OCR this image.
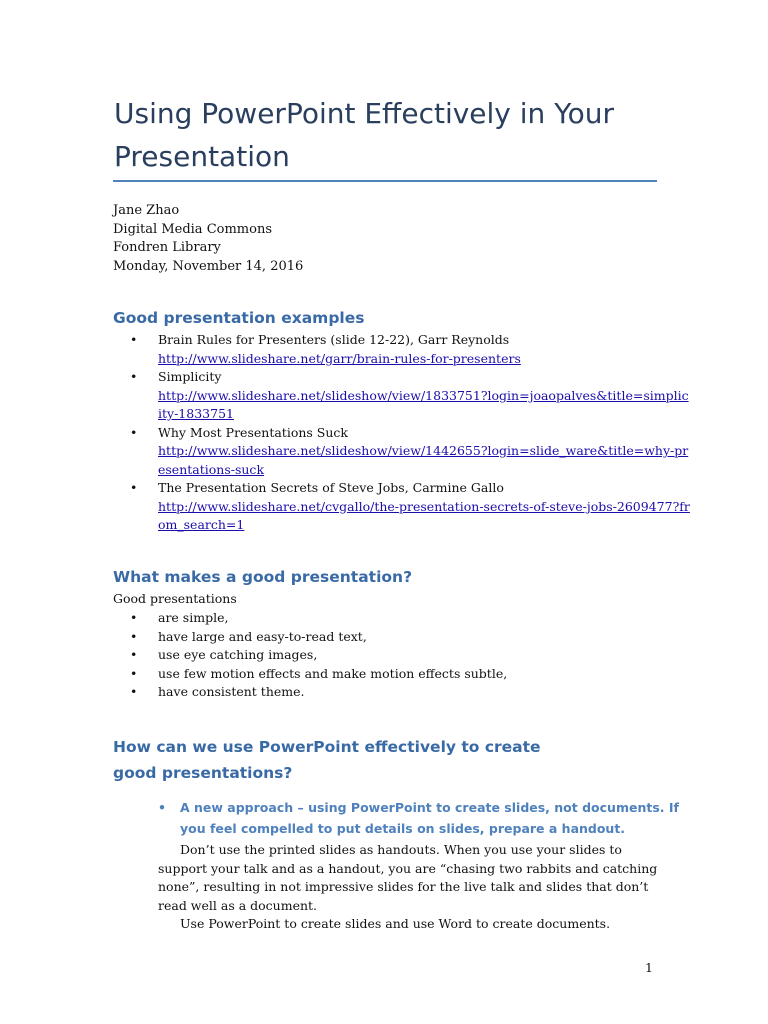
Using PowerPoint Effectively in Your Presentation
Jane Zhao
Digital Media Commons
Fondren Library
Monday, November 14, 2016
Good presentation examples
• Brain Rules for Presenters (slide 12-22), Garr Reynolds
http://www.slideshare.net/garr/brain-rules-for-presenters
• Simplicity
http://www.slideshare.net/slideshow/view/1833751?login=joaopalves&title=simplicity-1833751
• Why Most Presentations Suck
http://www.slideshare.net/slideshow/view/1442655?login=slide_ware&title=why-presentations-suck
• The Presentation Secrets of Steve Jobs, Carmine Gallo
http://www.slideshare.net/cvgallo/the-presentation-secrets-of-steve-jobs-2609477?from_search=1
What makes a good presentation?
Good presentations
• are simple,
• have large and easy-to-read text,
• use eye catching images,
• use few motion effects and make motion effects subtle,
• have consistent theme.
How can we use PowerPoint effectively to create good presentations?
• A new approach – using PowerPoint to create slides, not documents. If you feel compelled to put details on slides, prepare a handout.

Don’t use the printed slides as handouts. When you use your slides to support your talk and as a handout, you are “chasing two rabbits and catching none”, resulting in not impressive slides for the live talk and slides that don’t read well as a document.

Use PowerPoint to create slides and use Word to create documents.

1
